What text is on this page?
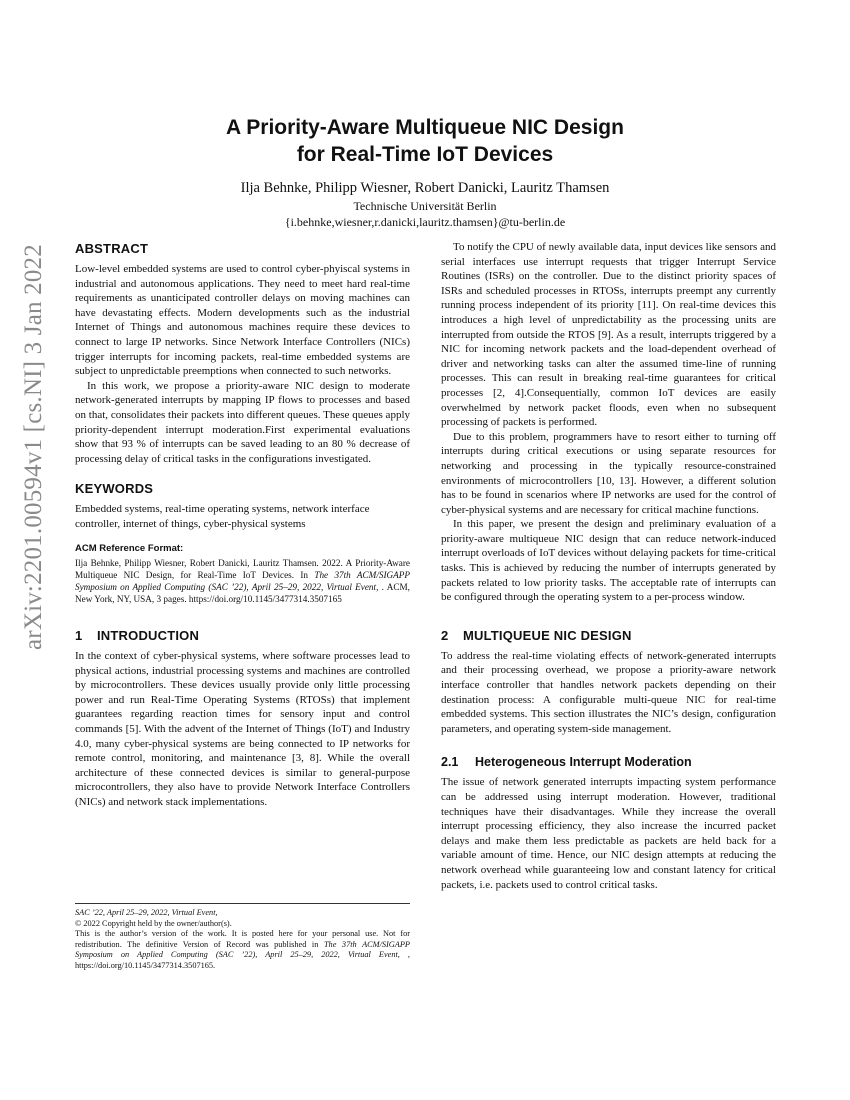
arXiv:2201.00594v1 [cs.NI] 3 Jan 2022
A Priority-Aware Multiqueue NIC Design
for Real-Time IoT Devices
Ilja Behnke, Philipp Wiesner, Robert Danicki, Lauritz Thamsen
Technische Universität Berlin
{i.behnke,wiesner,r.danicki,lauritz.thamsen}@tu-berlin.de
ABSTRACT

Low-level embedded systems are used to control cyber-phyiscal systems in industrial and autonomous applications. They need to meet hard real-time requirements as unanticipated controller delays on moving machines can have devastating effects. Modern developments such as the industrial Internet of Things and autonomous machines require these devices to connect to large IP networks. Since Network Interface Controllers (NICs) trigger interrupts for incoming packets, real-time embedded systems are subject to unpredictable preemptions when connected to such networks.

In this work, we propose a priority-aware NIC design to moderate network-generated interrupts by mapping IP flows to processes and based on that, consolidates their packets into different queues. These queues apply priority-dependent interrupt moderation.First experimental evaluations show that 93 % of interrupts can be saved leading to an 80 % decrease of processing delay of critical tasks in the configurations investigated.

KEYWORDS

Embedded systems, real-time operating systems, network interface controller, internet of things, cyber-physical systems

ACM Reference Format:

Ilja Behnke, Philipp Wiesner, Robert Danicki, Lauritz Thamsen. 2022. A Priority-Aware Multiqueue NIC Design, for Real-Time IoT Devices. In The 37th ACM/SIGAPP Symposium on Applied Computing (SAC ’22), April 25–29, 2022, Virtual Event, . ACM, New York, NY, USA, 3 pages. https://doi.org/10.1145/3477314.3507165

1 INTRODUCTION

In the context of cyber-physical systems, where software processes lead to physical actions, industrial processing systems and machines are controlled by microcontrollers. These devices usually provide only little processing power and run Real-Time Operating Systems (RTOSs) that implement guarantees regarding reaction times for sensory input and control commands [5]. With the advent of the Internet of Things (IoT) and Industry 4.0, many cyber-physical systems are being connected to IP networks for remote control, monitoring, and maintenance [3, 8]. While the overall architecture of these connected devices is similar to general-purpose microcontrollers, they also have to provide Network Interface Controllers (NICs) and network stack implementations.

SAC ’22, April 25–29, 2022, Virtual Event,

© 2022 Copyright held by the owner/author(s).

This is the author’s version of the work. It is posted here for your personal use. Not for redistribution. The definitive Version of Record was published in The 37th ACM/SIGAPP Symposium on Applied Computing (SAC ’22), April 25–29, 2022, Virtual Event, , https://doi.org/10.1145/3477314.3507165.

To notify the CPU of newly available data, input devices like sensors and serial interfaces use interrupt requests that trigger Interrupt Service Routines (ISRs) on the controller. Due to the distinct priority spaces of ISRs and scheduled processes in RTOSs, interrupts preempt any currently running process independent of its priority [11]. On real-time devices this introduces a high level of unpredictability as the processing units are interrupted from outside the RTOS [9]. As a result, interrupts triggered by a NIC for incoming network packets and the load-dependent overhead of driver and networking tasks can alter the assumed time-line of running processes. This can result in breaking real-time guarantees for critical processes [2, 4].Consequentially, common IoT devices are easily overwhelmed by network packet floods, even when no subsequent processing of packets is performed.

Due to this problem, programmers have to resort either to turning off interrupts during critical executions or using separate resources for networking and processing in the typically resource-constrained environments of microcontrollers [10, 13]. However, a different solution has to be found in scenarios where IP networks are used for the control of cyber-physical systems and are necessary for critical machine functions.

In this paper, we present the design and preliminary evaluation of a priority-aware multiqueue NIC design that can reduce network-induced interrupt overloads of IoT devices without delaying packets for time-critical tasks. This is achieved by reducing the number of interrupts generated by packets related to low priority tasks. The acceptable rate of interrupts can be configured through the operating system to a per-process window.

2 MULTIQUEUE NIC DESIGN

To address the real-time violating effects of network-generated interrupts and their processing overhead, we propose a priority-aware network interface controller that handles network packets depending on their destination process: A configurable multi-queue NIC for real-time embedded systems. This section illustrates the NIC’s design, configuration parameters, and operating system-side management.

2.1 Heterogeneous Interrupt Moderation

The issue of network generated interrupts impacting system performance can be addressed using interrupt moderation. However, traditional techniques have their disadvantages. While they increase the overall interrupt processing efficiency, they also increase the incurred packet delays and make them less predictable as packets are held back for a variable amount of time. Hence, our NIC design attempts at reducing the network overhead while guaranteeing low and constant latency for critical packets, i.e. packets used to control critical tasks.
